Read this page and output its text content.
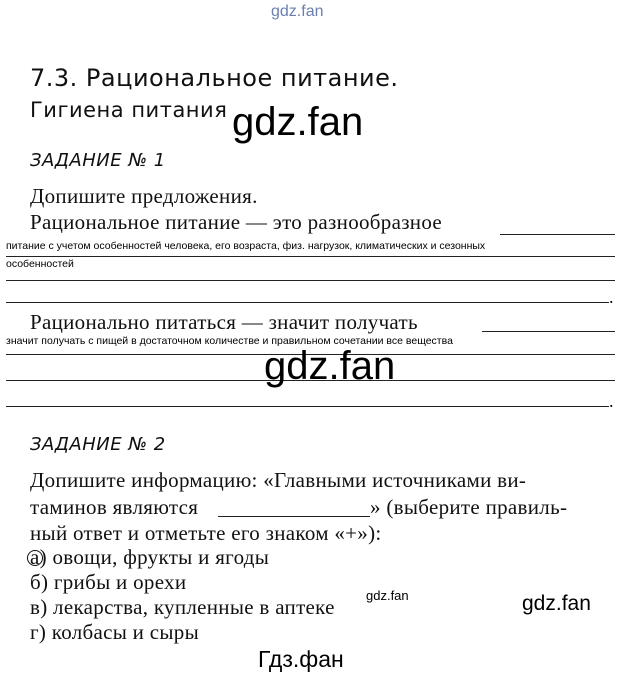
gdz.fan
7.3. Рациональное питание.
Гигиена питания gdz.fan
ЗАДАНИЕ № 1
Допишите предложения.
Рациональное питание — это разнообразное
питание с учетом особенностей человека, его возраста, физ. нагрузок, климатических и сезонных
особенностей
.
Рационально питаться — значит получать
значит получать с пищей в достаточном количестве и правильном сочетании все вещества
.
gdz.fan
ЗАДАНИЕ № 2
Допишите информацию: «Главными источниками ви-
таминов являются	» (выберите правиль-
ный ответ и отметьте его знаком «+»):
а) овощи, фрукты и ягоды
б) грибы и орехи
в) лекарства, купленные в аптеке
г) колбасы и сыры
gdz.fan	gdz.fan
Гдз.фан
